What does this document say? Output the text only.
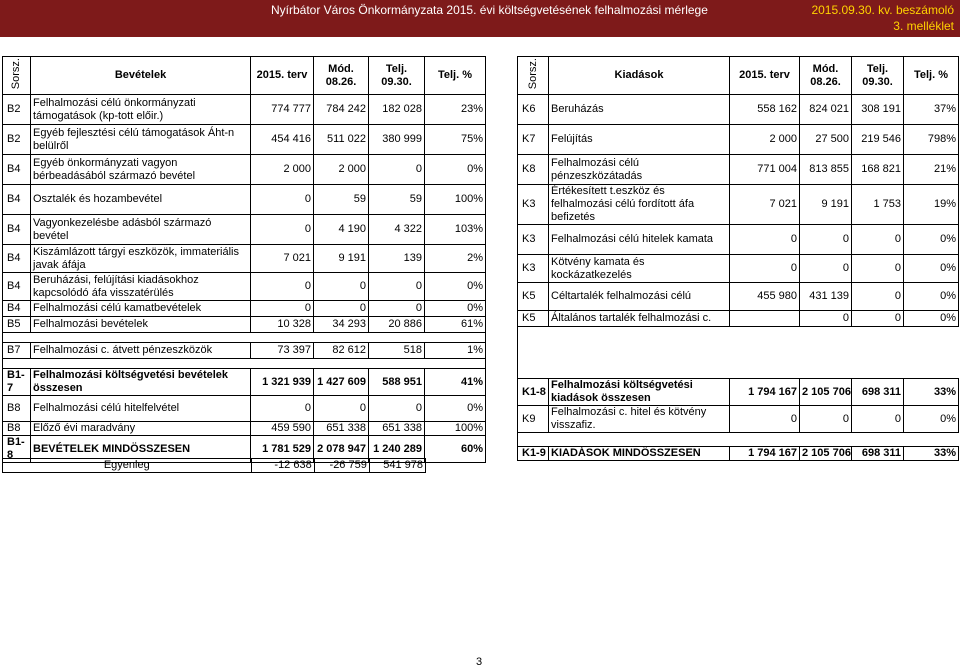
Nyírbátor Város Önkormányzata 2015. évi költségvetésének felhalmozási mérlege	2015.09.30. kv. beszámoló
3. melléklet
Sorsz.	Bevételek	2015. terv	Mód. 08.26.	Telj. 09.30.	Telj. %
B2	Felhalmozási célú önkormányzati támogatások (kp-tott előir.)	774 777	784 242	182 028	23%
B2	Egyéb fejlesztési célú támogatások Áht-n belülről	454 416	511 022	380 999	75%
B4	Egyéb önkormányzati vagyon bérbeadásából származó bevétel	2 000	2 000	0	0%
B4	Osztalék és hozambevétel	0	59	59	100%
B4	Vagyonkezelésbe adásból származó bevétel	0	4 190	4 322	103%
B4	Kiszámlázott tárgyi eszközök, immateriális javak áfája	7 021	9 191	139	2%
B4	Beruházási, felújítási kiadásokhoz kapcsolódó áfa visszatérülés	0	0	0	0%
B4	Felhalmozási célú kamatbevételek	0	0	0	0%
B5	Felhalmozási bevételek	10 328	34 293	20 886	61%

B7	Felhalmozási c. átvett pénzeszközök	73 397	82 612	518	1%

B1-7	Felhalmozási költségvetési bevételek összesen	1 321 939	1 427 609	588 951	41%
B8	Felhalmozási célú hitelfelvétel	0	0	0	0%
B8	Előző évi maradvány	459 590	651 338	651 338	100%
B1-8	BEVÉTELEK MINDÖSSZESEN	1 781 529	2 078 947	1 240 289	60%
Sorsz.	Kiadások	2015. terv	Mód. 08.26.	Telj. 09.30.	Telj. %
K6	Beruházás	558 162	824 021	308 191	37%
K7	Felújítás	2 000	27 500	219 546	798%
K8	Felhalmozási célú pénzeszközátadás	771 004	813 855	168 821	21%
K3	Értékesített t.eszköz és felhalmozási célú fordított áfa befizetés	7 021	9 191	1 753	19%
K3	Felhalmozási célú hitelek kamata	0	0	0	0%
K3	Kötvény kamata és kockázatkezelés	0	0	0	0%
K5	Céltartalék felhalmozási célú	455 980	431 139	0	0%
K5	Általános tartalék felhalmozási c.		0	0	0%

K1-8	Felhalmozási költségvetési kiadások összesen	1 794 167	2 105 706	698 311	33%
K9	Felhalmozási c. hitel és kötvény visszafiz.	0	0	0	0%

K1-9	KIADÁSOK MINDÖSSZESEN	1 794 167	2 105 706	698 311	33%
Egyenleg	-12 638	-26 759	541 978
3
